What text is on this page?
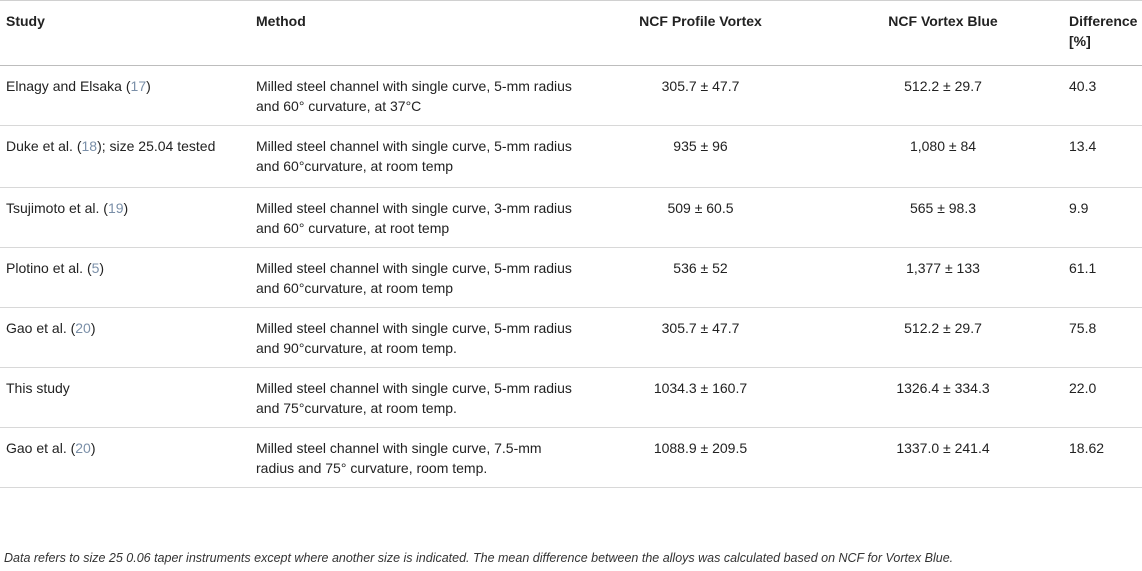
Study	Method	NCF Profile Vortex	NCF Vortex Blue	Difference [%]
Elnagy and Elsaka (17)	Milled steel channel with single curve, 5-mm radius and 60° curvature, at 37°C	305.7 ± 47.7	512.2 ± 29.7	40.3
Duke et al. (18); size 25.04 tested	Milled steel channel with single curve, 5-mm radius and 60°curvature, at room temp	935 ± 96	1,080 ± 84	13.4
Tsujimoto et al. (19)	Milled steel channel with single curve, 3-mm radius and 60° curvature, at root temp	509 ± 60.5	565 ± 98.3	9.9
Plotino et al. (5)	Milled steel channel with single curve, 5-mm radius and 60°curvature, at room temp	536 ± 52	1,377 ± 133	61.1
Gao et al. (20)	Milled steel channel with single curve, 5-mm radius and 90°curvature, at room temp.	305.7 ± 47.7	512.2 ± 29.7	75.8
This study	Milled steel channel with single curve, 5-mm radius and 75°curvature, at room temp.	1034.3 ± 160.7	1326.4 ± 334.3	22.0
Gao et al. (20)	Milled steel channel with single curve, 7.5-mm radius and 75° curvature, room temp.	1088.9 ± 209.5	1337.0 ± 241.4	18.62
Data refers to size 25 0.06 taper instruments except where another size is indicated. The mean difference between the alloys was calculated based on NCF for Vortex Blue.
